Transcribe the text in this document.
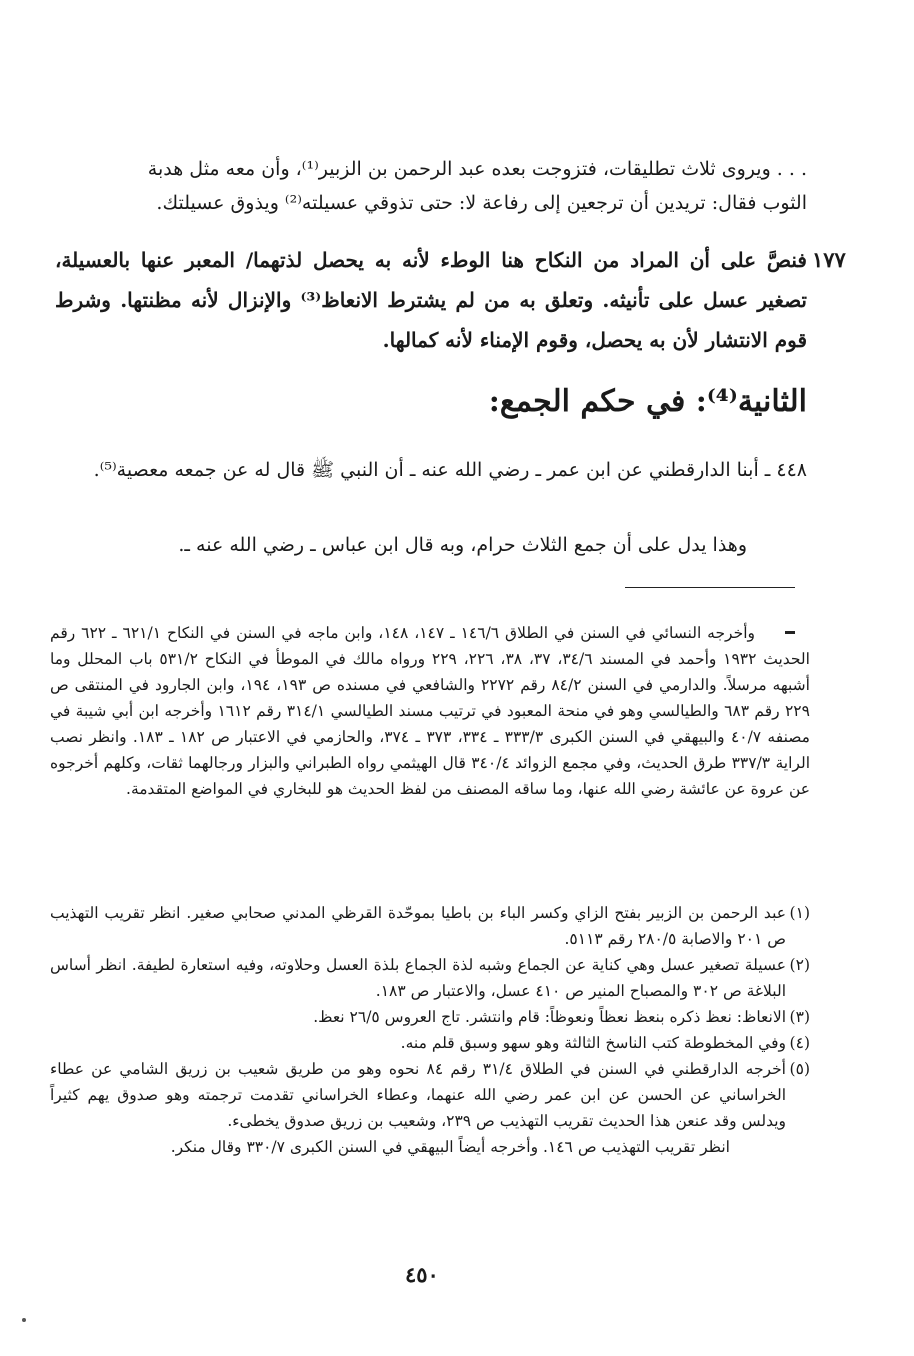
. . . ويروى ثلاث تطليقات، فتزوجت بعده عبد الرحمن بن الزبير⁽¹⁾، وأن معه مثل هدبة
الثوب فقال: تريدين أن ترجعين إلى رفاعة لا: حتى تذوقي عسيلته⁽²⁾ ويذوق عسيلتك.
١٧٧
فنصَّ على أن المراد من النكاح هنا الوطء لأنه به يحصل لذتهما/ المعبر عنها بالعسيلة، تصغير عسل على تأنيثه. وتعلق به من لم يشترط الانعاظ⁽³⁾ والإنزال لأنه مظنتها. وشرط قوم الانتشار لأن به يحصل، وقوم الإمناء لأنه كمالها.
الثانية⁽⁴⁾: في حكم الجمع:
٤٤٨ ـ أبنا الدارقطني عن ابن عمر ـ رضي الله عنه ـ أن النبي ﷺ قال له عن جمعه معصية⁽⁵⁾.
وهذا يدل على أن جمع الثلاث حرام، وبه قال ابن عباس ـ رضي الله عنه ـ.

وأخرجه النسائي في السنن في الطلاق ١٤٦/٦ ـ ١٤٧، ١٤٨، وابن ماجه في السنن في النكاح ٦٢١/١ ـ ٦٢٢ رقم الحديث ١٩٣٢ وأحمد في المسند ٣٤/٦، ٣٧، ٣٨، ٢٢٦، ٢٢٩ ورواه مالك في الموطأ في النكاح ٥٣١/٢ باب المحلل وما أشبهه مرسلاً. والدارمي في السنن ٨٤/٢ رقم ٢٢٧٢ والشافعي في مسنده ص ١٩٣، ١٩٤، وابن الجارود في المنتقى ص ٢٢٩ رقم ٦٨٣ والطيالسي وهو في منحة المعبود في ترتيب مسند الطيالسي ٣١٤/١ رقم ١٦١٢ وأخرجه ابن أبي شيبة في مصنفه ٤٠/٧ والبيهقي في السنن الكبرى ٣٣٣/٣ ـ ٣٣٤، ٣٧٣ ـ ٣٧٤، والحازمي في الاعتبار ص ١٨٢ ـ ١٨٣. وانظر نصب الراية ٣٣٧/٣ طرق الحديث، وفي مجمع الزوائد ٣٤٠/٤ قال الهيثمي رواه الطبراني والبزار ورجالهما ثقات، وكلهم أخرجوه عن عروة عن عائشة رضي الله عنها، وما ساقه المصنف من لفظ الحديث هو للبخاري في المواضع المتقدمة.

(١)
عبد الرحمن بن الزبير بفتح الزاي وكسر الباء بن باطيا بموحّدة القرظي المدني صحابي صغير. انظر تقريب التهذيب ص ٢٠١ والاصابة ٢٨٠/٥ رقم ٥١١٣.

(٢)
عسيلة تصغير عسل وهي كناية عن الجماع وشبه لذة الجماع بلذة العسل وحلاوته، وفيه استعارة لطيفة. انظر أساس البلاغة ص ٣٠٢ والمصباح المنير ص ٤١٠ عسل، والاعتبار ص ١٨٣.

(٣)
الانعاظ: نعظ ذكره بنعظ نعظاً ونعوظاً: قام وانتشر. تاج العروس ٢٦/٥ نعظ.

(٤)
وفي المخطوطة كتب الناسخ الثالثة وهو سهو وسبق قلم منه.

(٥)
أخرجه الدارقطني في السنن في الطلاق ٣١/٤ رقم ٨٤ نحوه وهو من طريق شعيب بن زريق الشامي عن عطاء الخراساني عن الحسن عن ابن عمر رضي الله عنهما، وعطاء الخراساني تقدمت ترجمته وهو صدوق يهم كثيراً ويدلس وقد عنعن هذا الحديث تقريب التهذيب ص ٢٣٩، وشعيب بن زريق صدوق يخطىء.

انظر تقريب التهذيب ص ١٤٦. وأخرجه أيضاً البيهقي في السنن الكبرى ٣٣٠/٧ وقال منكر.

٤٥٠
